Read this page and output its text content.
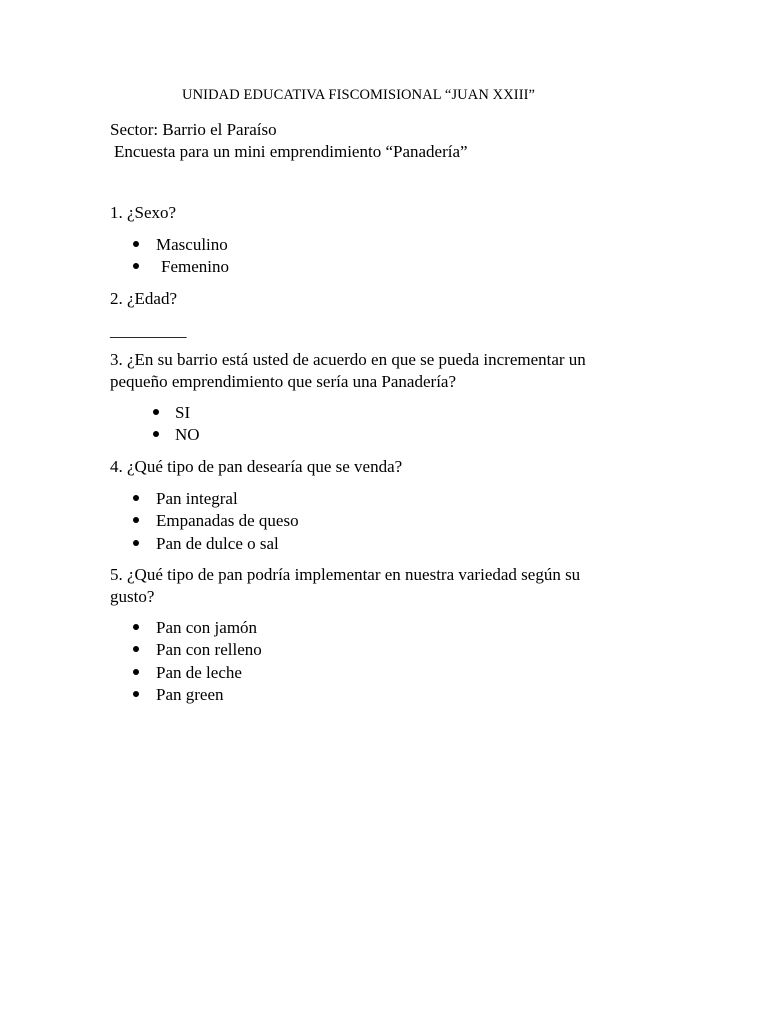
UNIDAD EDUCATIVA FISCOMISIONAL “JUAN XXIII”
Sector: Barrio el Paraíso
Encuesta para un mini emprendimiento “Panadería”
1. ¿Sexo?
Masculino
Femenino
2. ¿Edad?
_________
3. ¿En su barrio está usted de acuerdo en que se pueda incrementar un
pequeño emprendimiento que sería una Panadería?
SI
NO
4. ¿Qué tipo de pan desearía que se venda?
Pan integral
Empanadas de queso
Pan de dulce o sal
5. ¿Qué tipo de pan podría implementar en nuestra variedad según su
gusto?
Pan con jamón
Pan con relleno
Pan de leche
Pan green
